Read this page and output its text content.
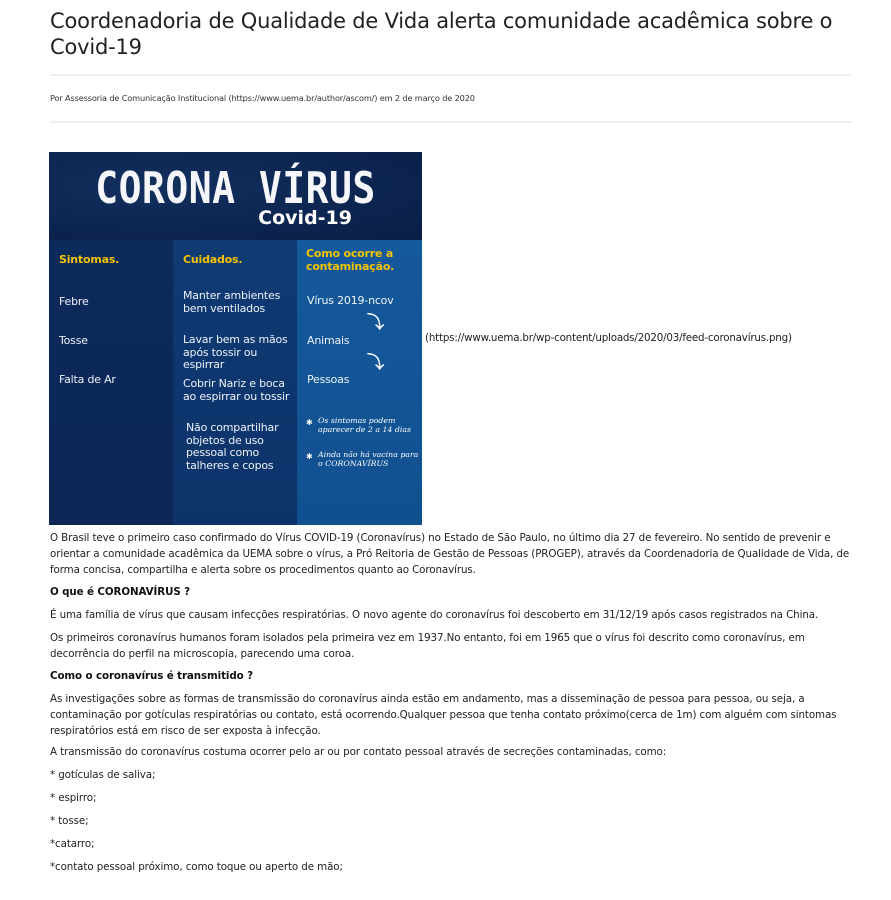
Coordenadoria de Qualidade de Vida alerta comunidade acadêmica sobre o Covid-19
Por Assessoria de Comunicação Institucional (https://www.uema.br/author/ascom/) em 2 de março de 2020
CORONA VÍRUS
Covid-19
Sintomas.
Febre
Tosse
Falta de Ar
Cuidados.
Manter ambientes bem ventilados
Lavar bem as mãos após tossir ou espirrar
Cobrir Nariz e boca ao espirrar ou tossir
Não compartilhar objetos de uso pessoal como talheres e copos
Como ocorre a contaminação.
Vírus 2019-ncov
⤵
Animais
⤵
Pessoas
✱ Os sintomas podem aparecer de 2 a 14 dias
✱ Ainda não há vacina para o CORONAVÍRUS
(https://www.uema.br/wp-content/uploads/2020/03/feed-coronavírus.png)

O Brasil teve o primeiro caso confirmado do Vírus COVID-19 (Coronavírus) no Estado de São Paulo, no último dia 27 de fevereiro. No sentido de prevenir e orientar a comunidade acadêmica da UEMA sobre o vírus, a Pró Reitoria de Gestão de Pessoas (PROGEP), através da Coordenadoria de Qualidade de Vida, de forma concisa, compartilha e alerta sobre os procedimentos quanto ao Coronavírus.

O que é CORONAVÍRUS ?

É uma família de vírus que causam infecções respiratórias. O novo agente do coronavírus foi descoberto em 31/12/19 após casos registrados na China.

Os primeiros coronavírus humanos foram isolados pela primeira vez em 1937.No entanto, foi em 1965 que o vírus foi descrito como coronavírus, em decorrência do perfil na microscopia, parecendo uma coroa.

Como o coronavírus é transmitido ?

As investigações sobre as formas de transmissão do coronavírus ainda estão em andamento, mas a disseminação de pessoa para pessoa, ou seja, a contaminação por gotículas respiratórias ou contato, está ocorrendo.Qualquer pessoa que tenha contato próximo(cerca de 1m) com alguém com sintomas respiratórios está em risco de ser exposta à infecção.

A transmissão do coronavírus costuma ocorrer pelo ar ou por contato pessoal através de secreções contaminadas, como:

* gotículas de saliva;
* espirro;
* tosse;
*catarro;
*contato pessoal próximo, como toque ou aperto de mão;
